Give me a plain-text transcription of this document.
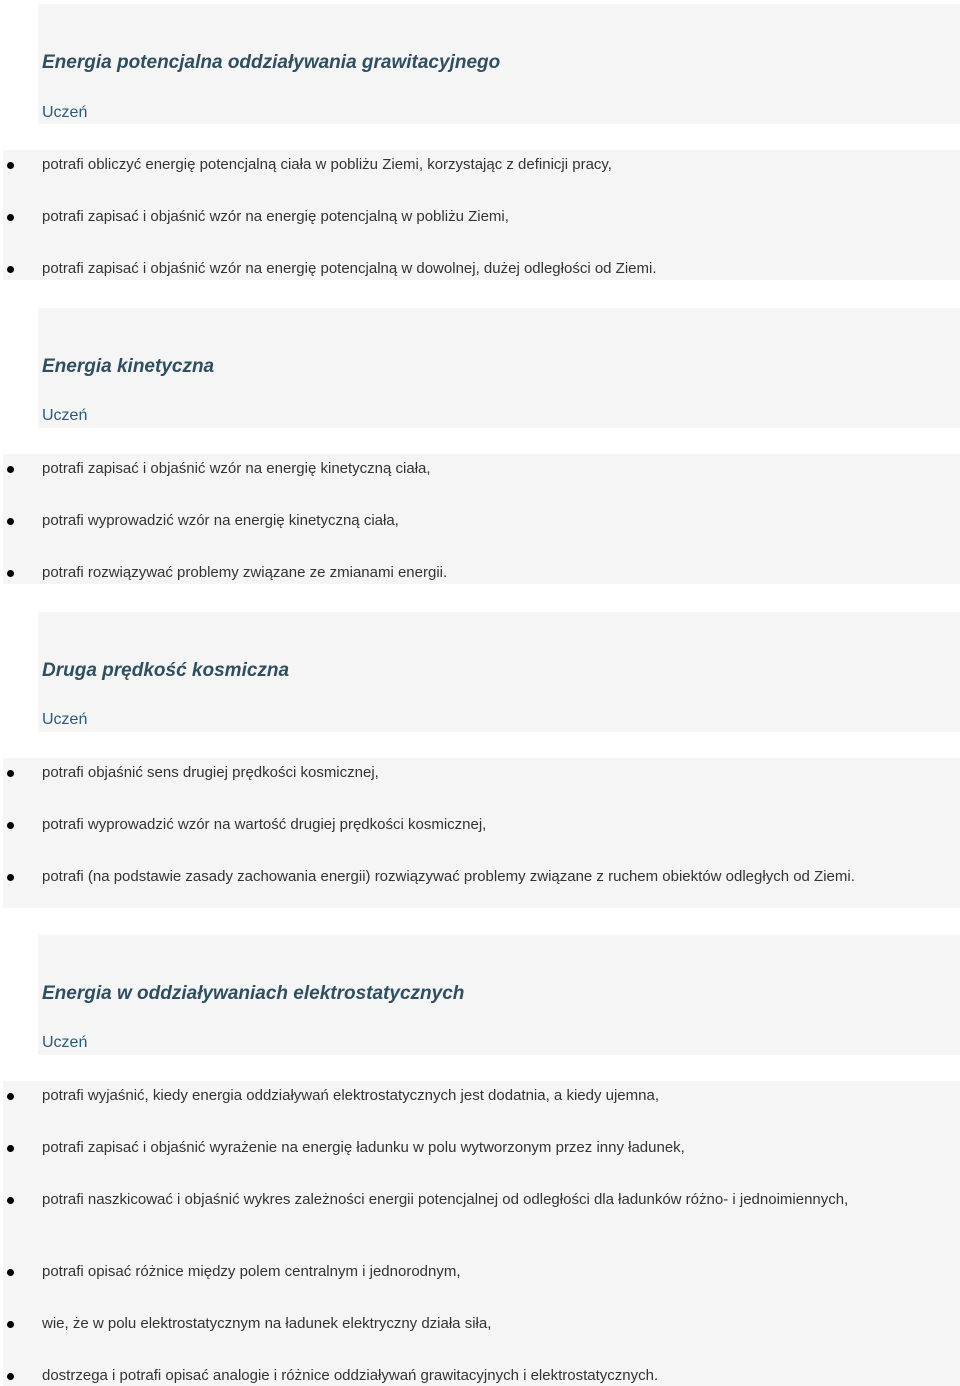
Energia potencjalna oddziaływania grawitacyjnego

Uczeń

potrafi obliczyć energię potencjalną ciała w pobliżu Ziemi, korzystając z definicji pracy,
potrafi zapisać i objaśnić wzór na energię potencjalną w pobliżu Ziemi,
potrafi zapisać i objaśnić wzór na energię potencjalną w dowolnej, dużej odległości od Ziemi.
Energia kinetyczna

Uczeń

potrafi zapisać i objaśnić wzór na energię kinetyczną ciała,
potrafi wyprowadzić wzór na energię kinetyczną ciała,
potrafi rozwiązywać problemy związane ze zmianami energii.
Druga prędkość kosmiczna

Uczeń

potrafi objaśnić sens drugiej prędkości kosmicznej,
potrafi wyprowadzić wzór na wartość drugiej prędkości kosmicznej,
potrafi (na podstawie zasady zachowania energii) rozwiązywać problemy związane z ruchem obiektów odległych od Ziemi.
Energia w oddziaływaniach elektrostatycznych

Uczeń

potrafi wyjaśnić, kiedy energia oddziaływań elektrostatycznych jest dodatnia, a kiedy ujemna,
potrafi zapisać i objaśnić wyrażenie na energię ładunku w polu wytworzonym przez inny ładunek,
potrafi naszkicować i objaśnić wykres zależności energii potencjalnej od odległości dla ładunków różno- i jednoimiennych,
potrafi opisać różnice między polem centralnym i jednorodnym,
wie, że w polu elektrostatycznym na ładunek elektryczny działa siła,
dostrzega i potrafi opisać analogie i różnice oddziaływań grawitacyjnych i elektrostatycznych.
